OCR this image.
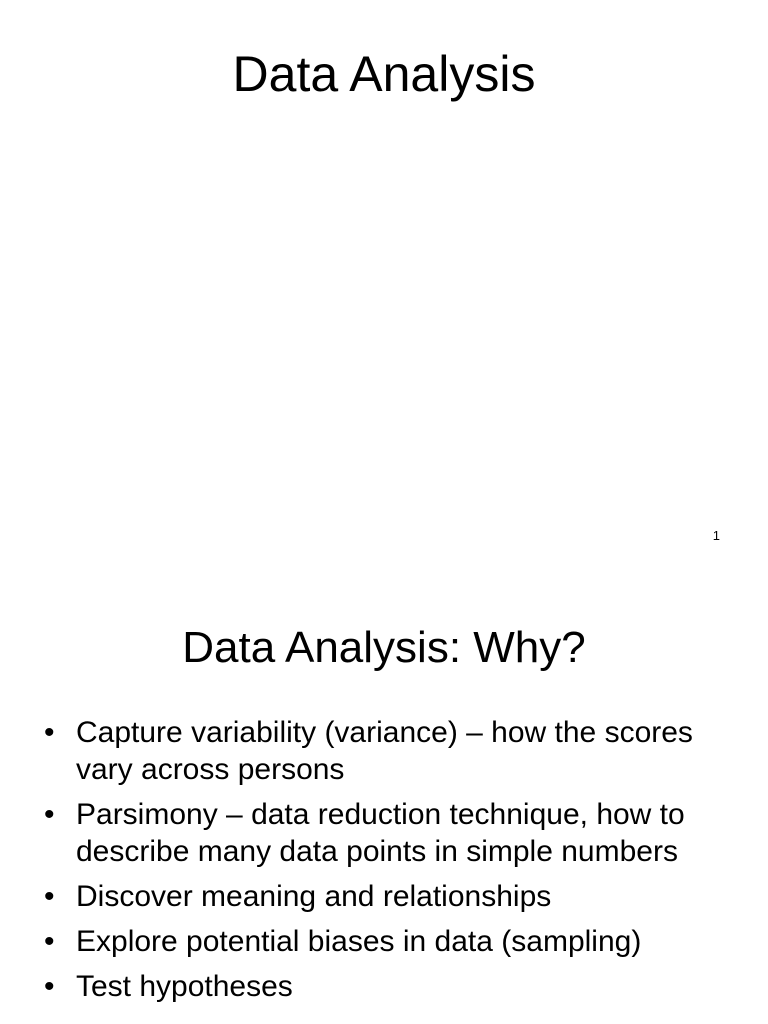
Data Analysis
1
Data Analysis: Why?
• Capture variability (variance) – how the scores vary across persons
• Parsimony – data reduction technique, how to describe many data points in simple numbers
• Discover meaning and relationships
• Explore potential biases in data (sampling)
• Test hypotheses
